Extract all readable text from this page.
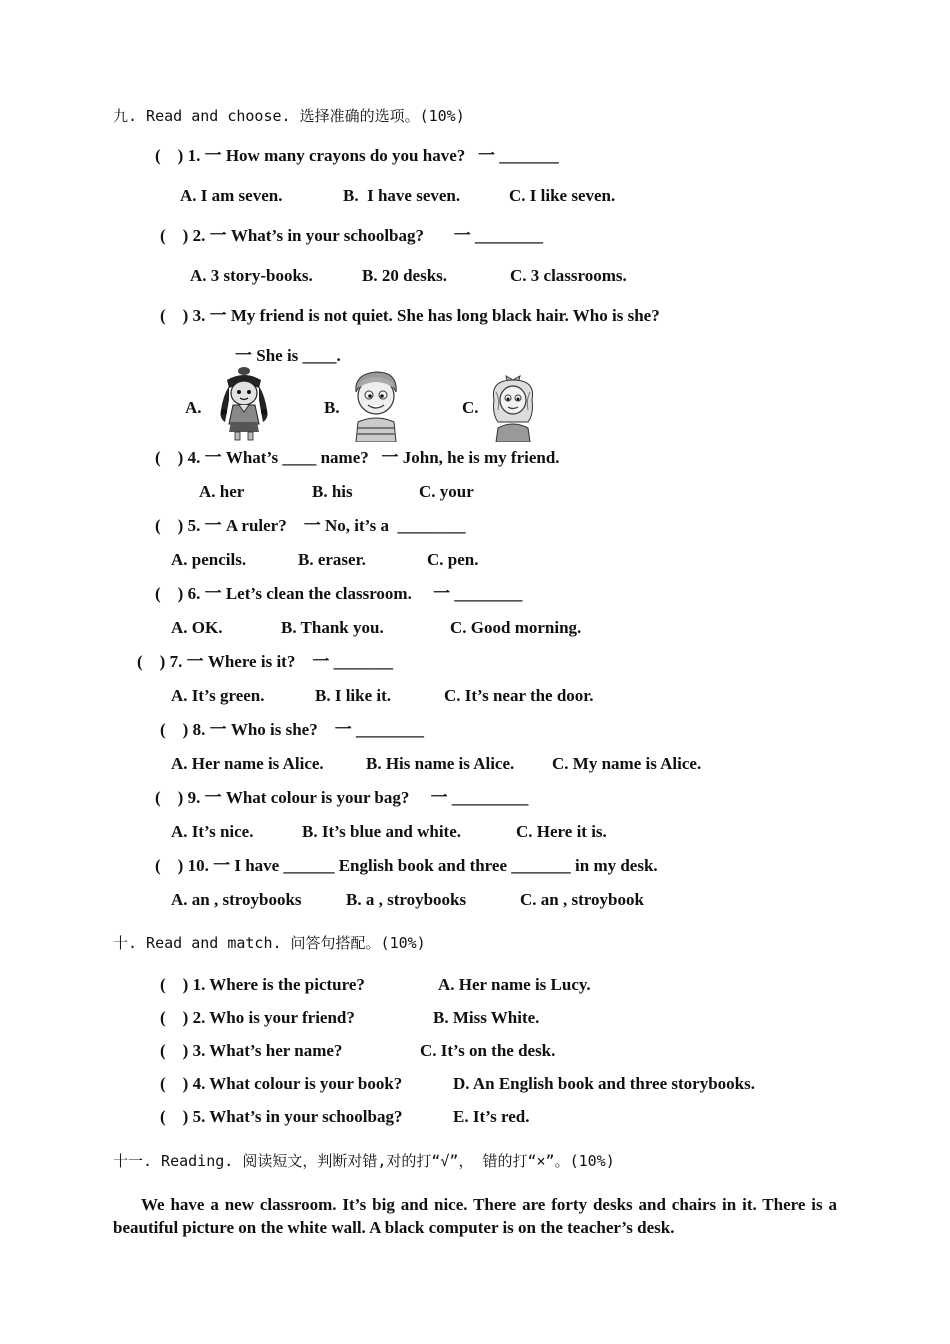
九. Read and choose. 选择准确的选项。(10%)
(    ) 1. 一 How many crayons do you have?   一 _______
A. I am seven.	B.  I have seven.	C. I like seven.
(    ) 2. 一 What’s in your schoolbag?       一 ________
A. 3 story-books.	B. 20 desks.	C. 3 classrooms.
(    ) 3. 一 My friend is not quiet. She has long black hair. Who is she?
一 She is ____.
A.	B.	C.
(    ) 4. 一 What’s ____ name?   一 John, he is my friend.
A. her	B. his	C. your
(    ) 5. 一 A ruler?    一 No, it’s a  ________
A. pencils.	B. eraser.	C. pen.
(    ) 6. 一 Let’s clean the classroom.     一 ________
A. OK.	B. Thank you.	C. Good morning.
(    ) 7. 一 Where is it?    一 _______
A. It’s green.	B. I like it.	C. It’s near the door.
(    ) 8. 一 Who is she?    一 ________
A. Her name is Alice. B. His name is Alice. C. My name is Alice.
(    ) 9. 一 What colour is your bag?     一 _________
A. It’s nice.	B. It’s blue and white.	C. Here it is.
(    ) 10. 一 I have ______ English book and three _______ in my desk.
A. an , stroybooks	B. a , stroybooks	C. an , stroybook
十. Read and match. 问答句搭配。(10%)
(    ) 1. Where is the picture?	A. Her name is Lucy.
(    ) 2. Who is your friend?	B. Miss White.
(    ) 3. What’s her name?	C. It’s on the desk.
(    ) 4. What colour is your book?	D. An English book and three storybooks.
(    ) 5. What’s in your schoolbag?	E. It’s red.
十一. Reading. 阅读短文，判断对错,对的打“√”， 错的打“×”。(10%)
We have a new classroom. It’s big and nice. There are forty desks and chairs in it. There is a beautiful picture on the white wall. A black computer is on the teacher’s desk.
